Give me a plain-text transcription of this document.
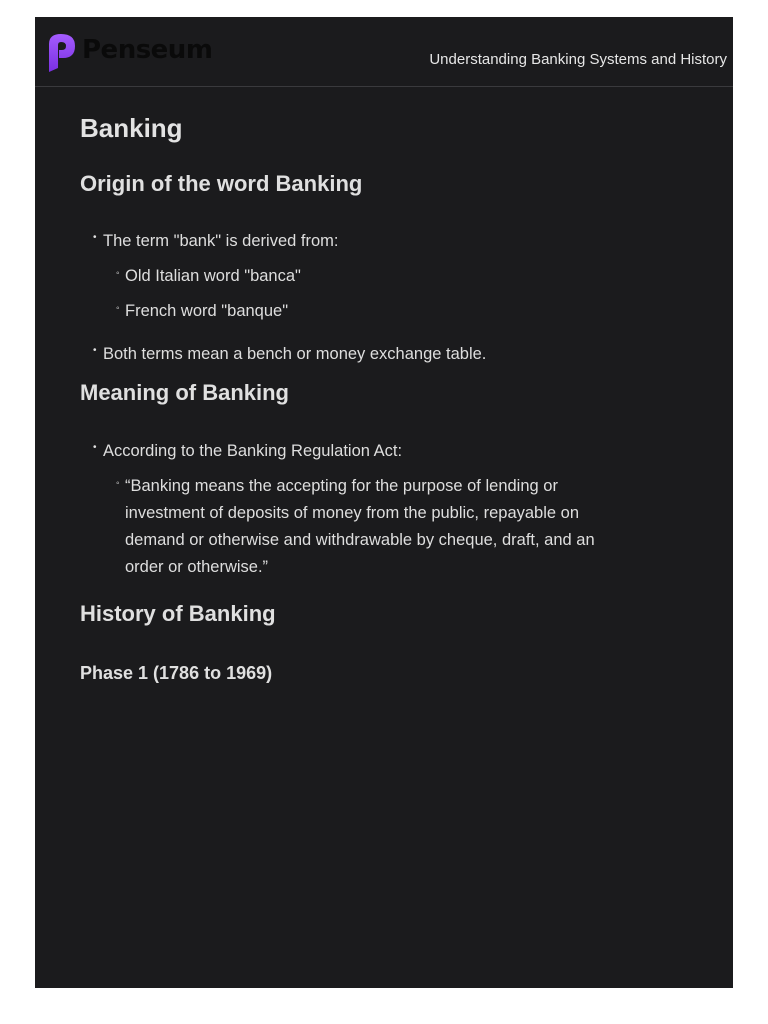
Penseum	Understanding Banking Systems and History
Banking
Origin of the word Banking
• The term "bank" is derived from:
◦ Old Italian word "banca"
◦ French word "banque"
• Both terms mean a bench or money exchange table.
Meaning of Banking
• According to the Banking Regulation Act:
◦ “Banking means the accepting for the purpose of lending or investment of deposits of money from the public, repayable on demand or otherwise and withdrawable by cheque, draft, and an order or otherwise.”
History of Banking
Phase 1 (1786 to 1969)
